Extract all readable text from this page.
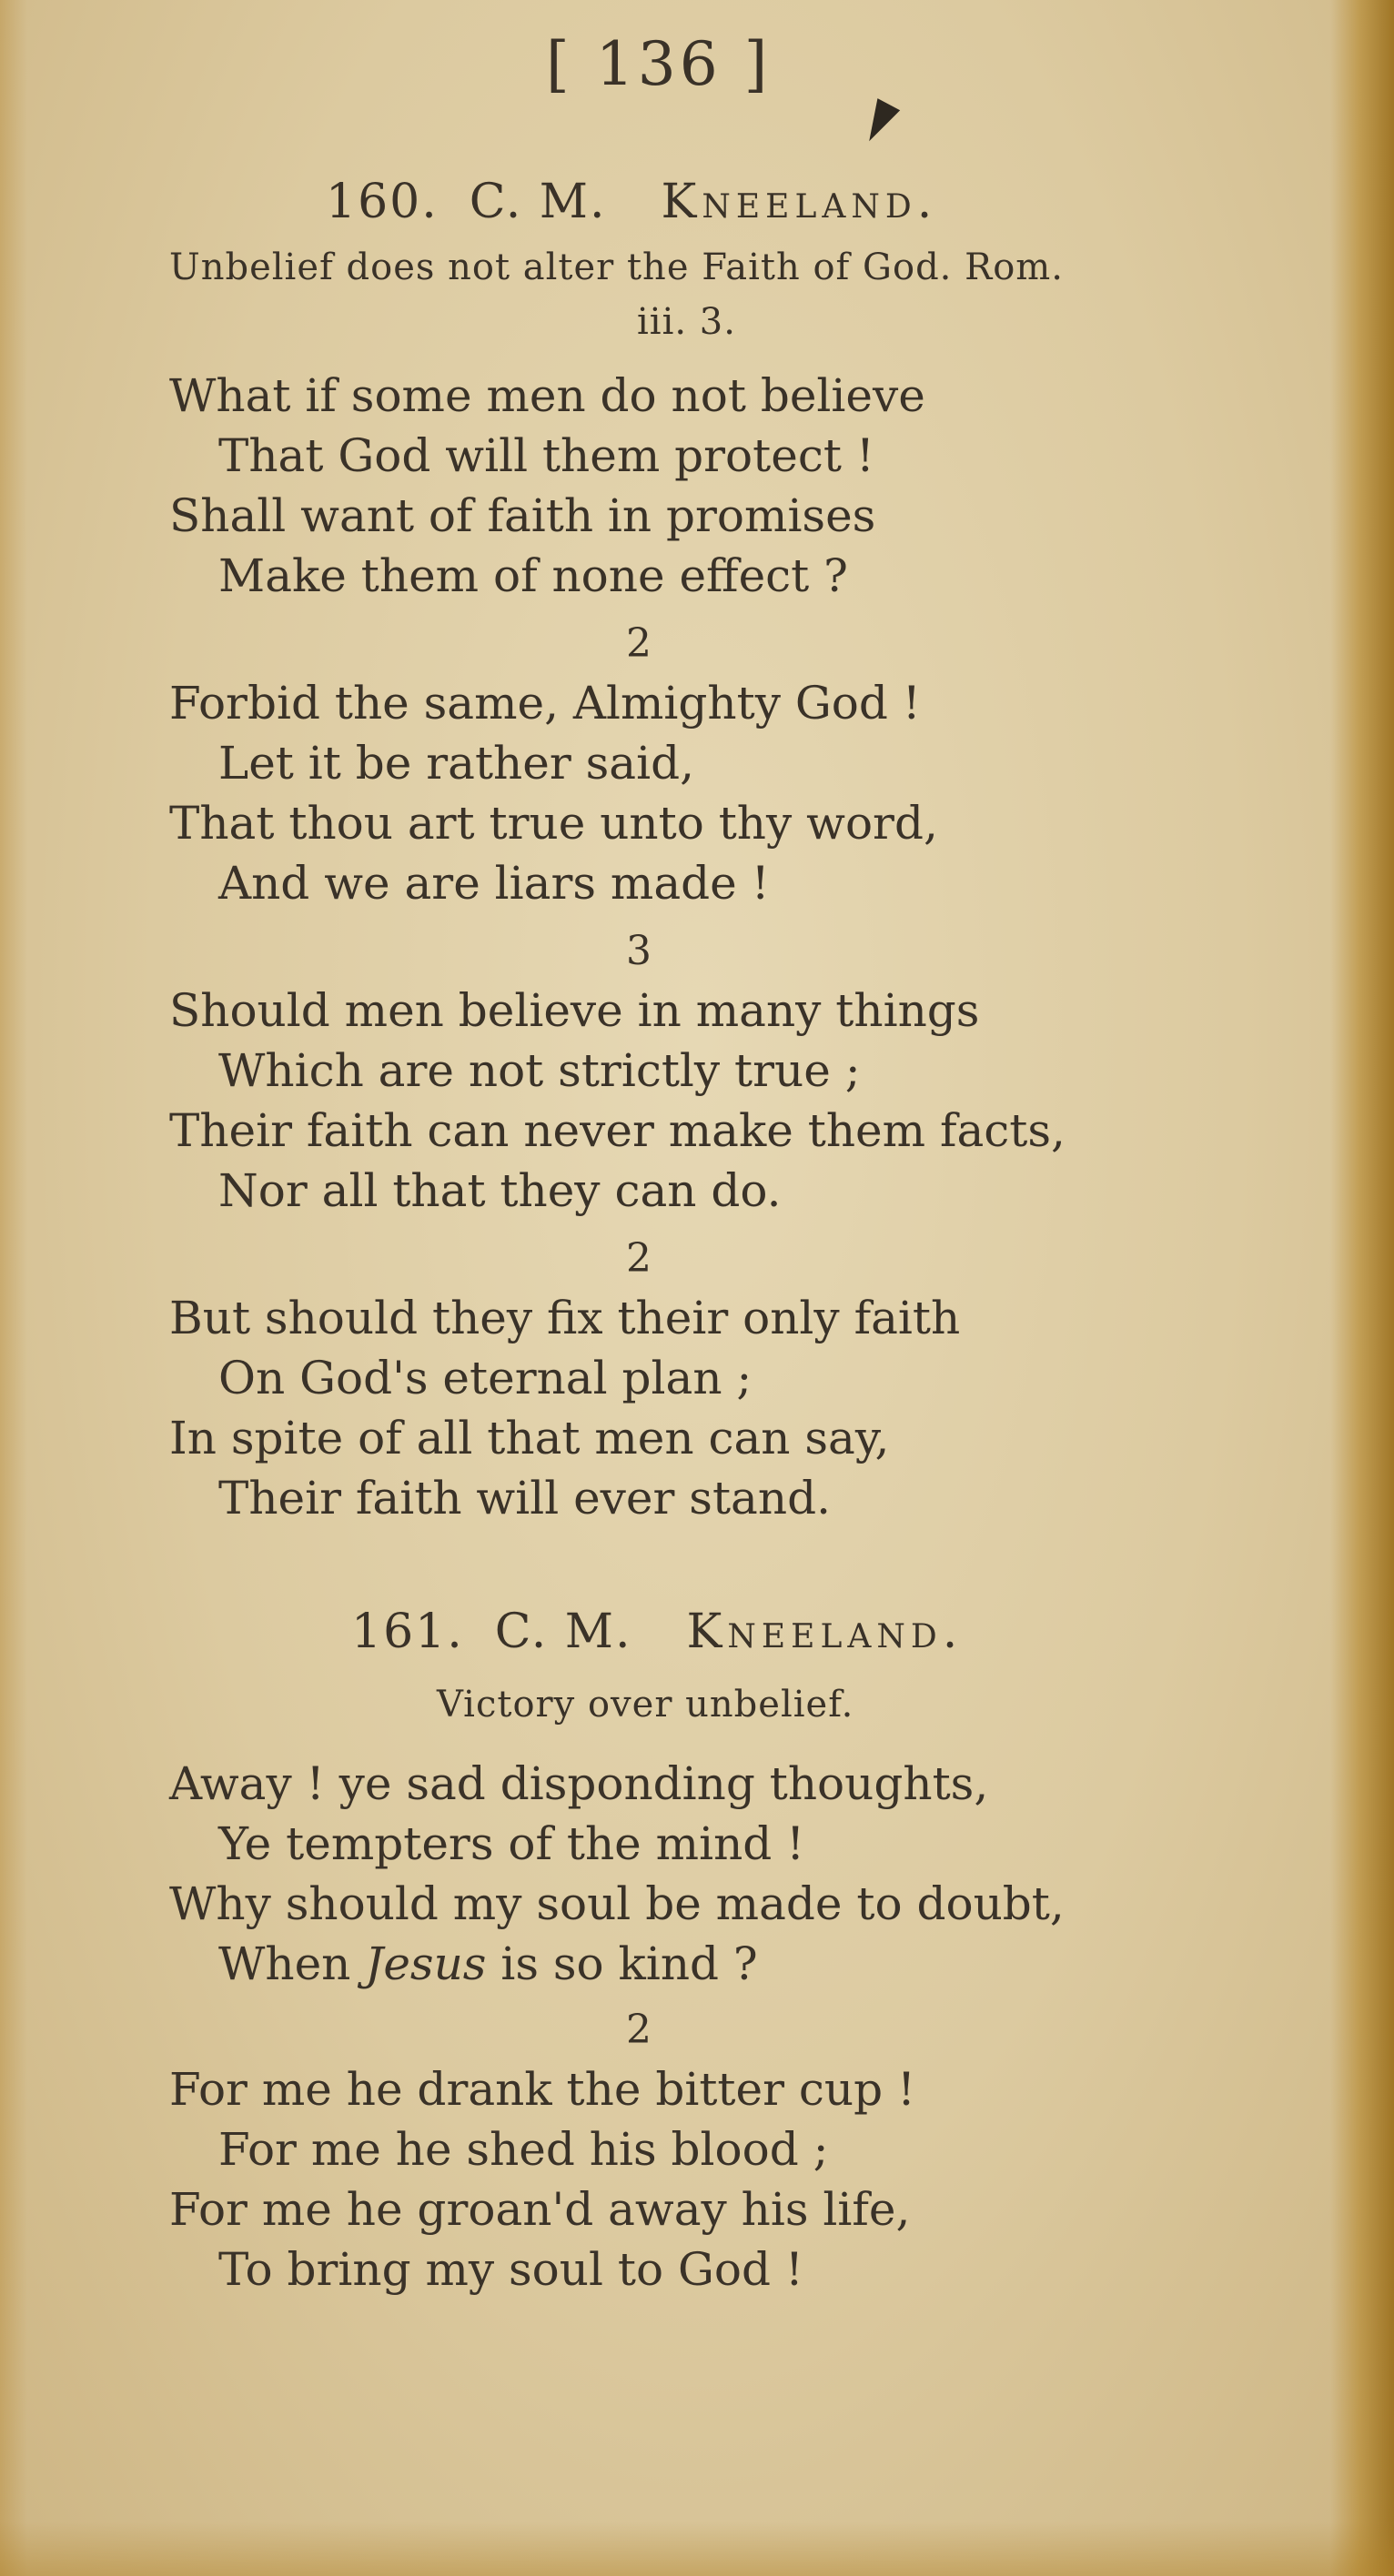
[ 136 ]
160. C. M. Kneeland.
Unbelief does not alter the Faith of God. Rom.
iii. 3.
What if some men do not believe
That God will them protect !
Shall want of faith in promises
Make them of none effect ?
2
Forbid the same, Almighty God !
Let it be rather said,
That thou art true unto thy word,
And we are liars made !
3
Should men believe in many things
Which are not strictly true ;
Their faith can never make them facts,
Nor all that they can do.
2
But should they fix their only faith
On God's eternal plan ;
In spite of all that men can say,
Their faith will ever stand.
161. C. M. Kneeland.
Victory over unbelief.
Away ! ye sad disponding thoughts,
Ye tempters of the mind !
Why should my soul be made to doubt,
When Jesus is so kind ?
2
For me he drank the bitter cup !
For me he shed his blood ;
For me he groan'd away his life,
To bring my soul to God !
